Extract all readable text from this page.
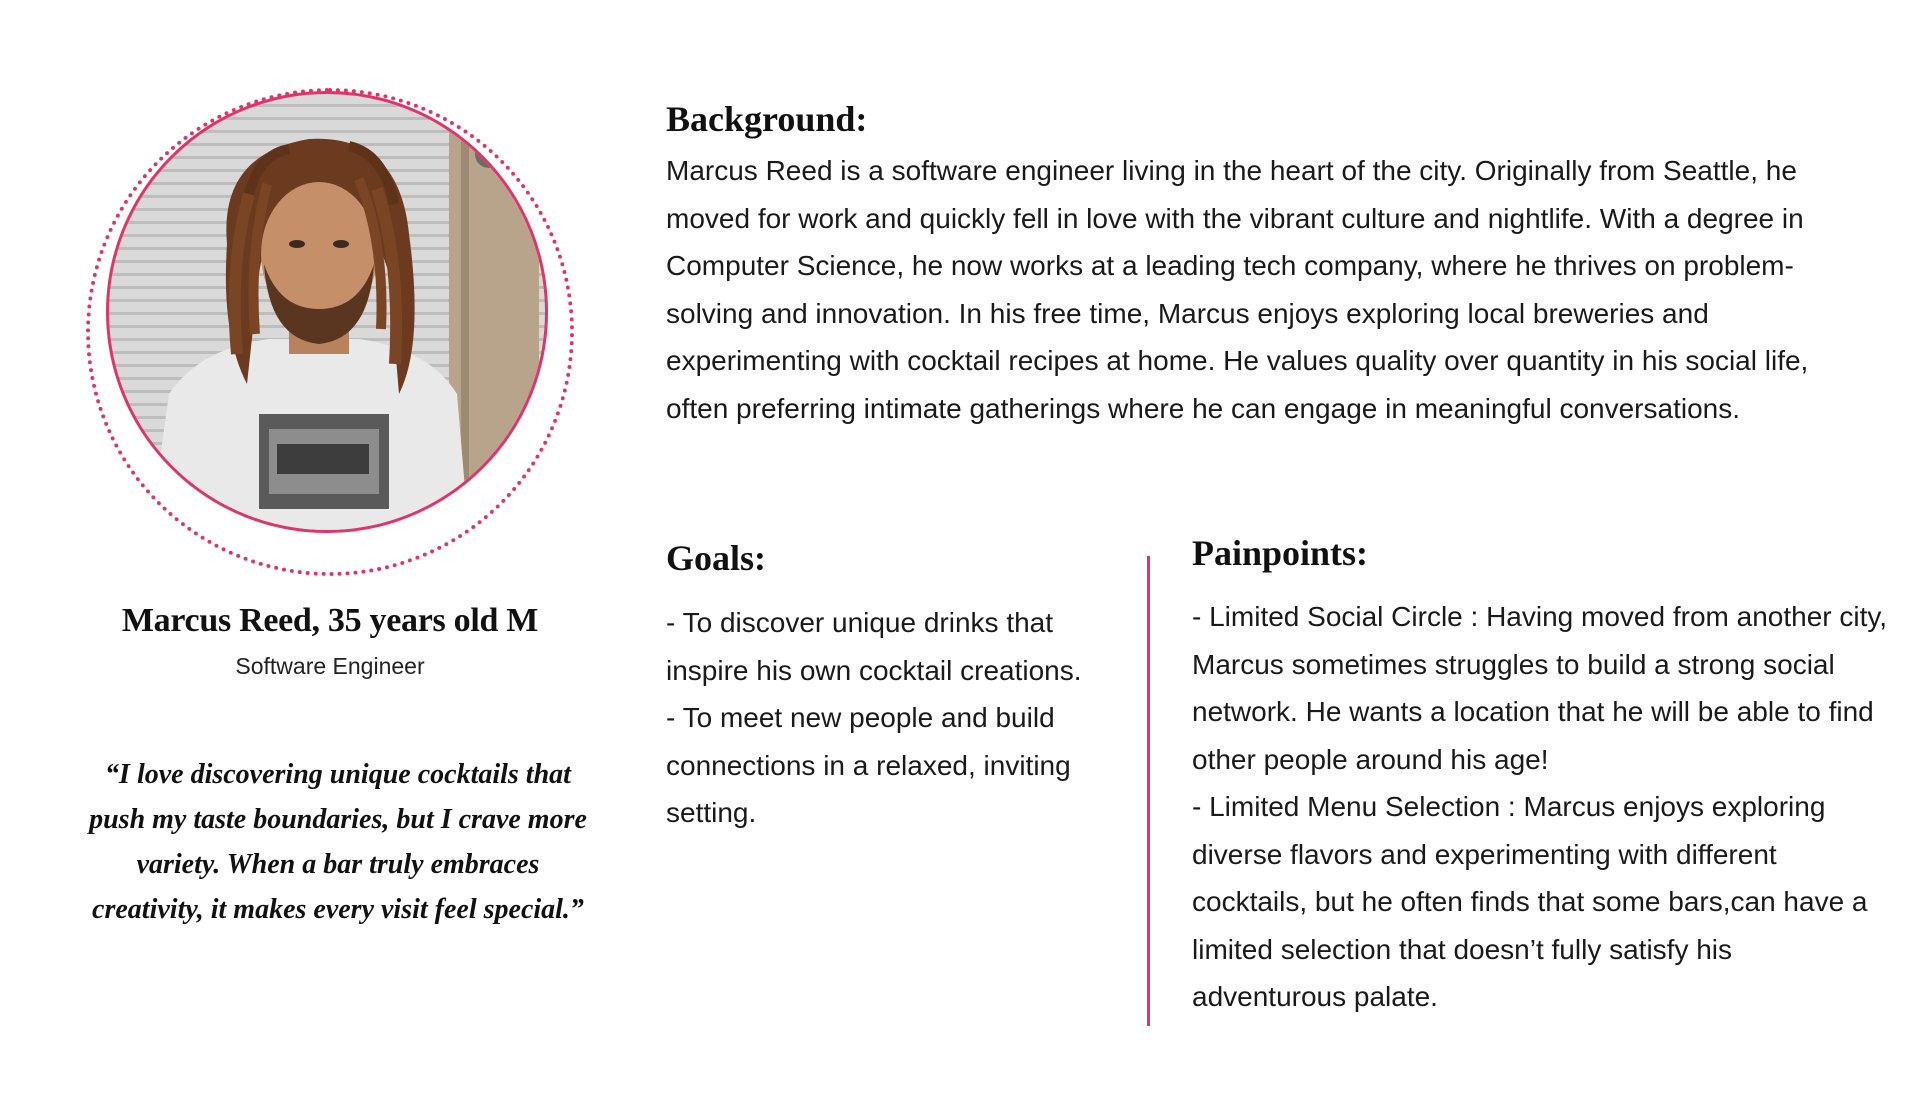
Marcus Reed, 35 years old M
Software Engineer
“I love discovering unique cocktails that push my taste boundaries, but I crave more variety. When a bar truly embraces creativity, it makes every visit feel special.”
Background:

Marcus Reed is a software engineer living in the heart of the city. Originally from Seattle, he moved for work and quickly fell in love with the vibrant culture and nightlife. With a degree in Computer Science, he now works at a leading tech company, where he thrives on problem-solving and innovation. In his free time, Marcus enjoys exploring local breweries and experimenting with cocktail recipes at home. He values quality over quantity in his social life, often preferring intimate gatherings where he can engage in meaningful conversations.

Goals:
- To discover unique drinks that inspire his own cocktail creations.
- To meet new people and build connections in a relaxed, inviting setting.
Painpoints:
- Limited Social Circle : Having moved from another city, Marcus sometimes struggles to build a strong social network. He wants a location that he will be able to find other people around his age!
- Limited Menu Selection : Marcus enjoys exploring diverse flavors and experimenting with different cocktails, but he often finds that some bars,can have a limited selection that doesn’t fully satisfy his adventurous palate.
